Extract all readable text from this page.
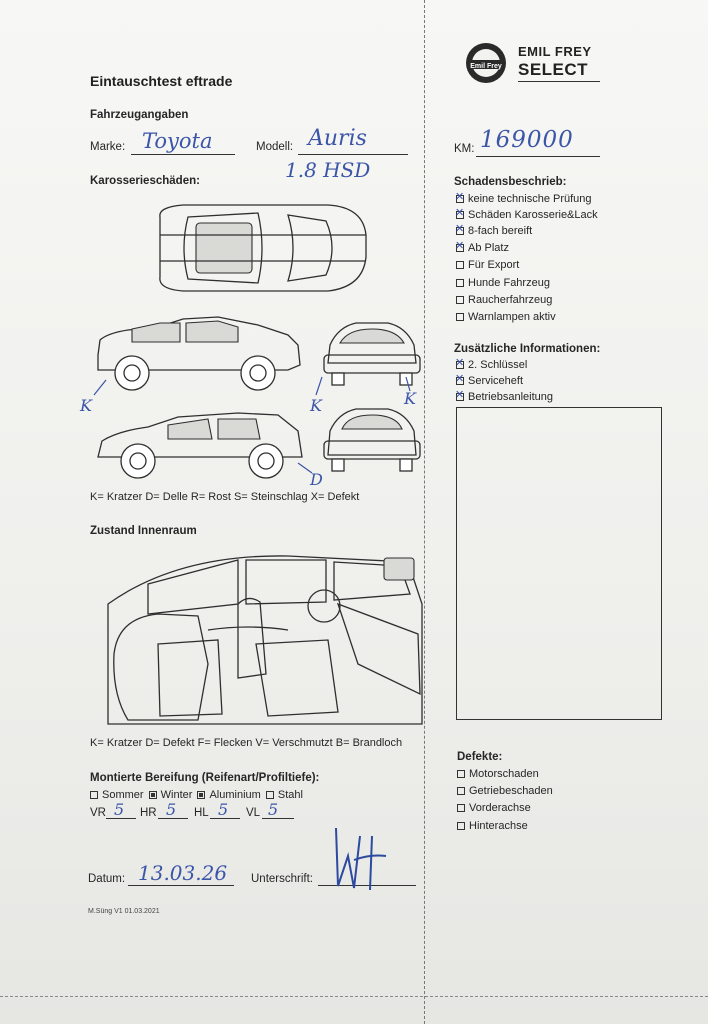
Emil Frey
EMIL FREY
SELECT
Eintauschtest eftrade
Fahrzeugangaben
Marke: Toyota	Modell: Auris
1.8 HSD
KM: 169000
Karosserieschäden:
K	K	K
D
K= Kratzer D= Delle R= Rost S= Steinschlag X= Defekt
Schadensbeschrieb:
✕keine technische Prüfung
✕Schäden Karosserie&Lack
✕8-fach bereift
✕Ab Platz
Für Export
Hunde Fahrzeug
Raucherfahrzeug
Warnlampen aktiv
Zusätzliche Informationen:
✕2. Schlüssel
✕Serviceheft
✕Betriebsanleitung
Zustand Innenraum
K= Kratzer D= Defekt F= Flecken V= Verschmutzt B= Brandloch
Montierte Bereifung (Reifenart/Profiltiefe):
Sommer Winter Aluminium Stahl
VR 5 HR 5 HL 5 VL 5
Defekte:
Motorschaden
Getriebeschaden
Vorderachse
Hinterachse
Datum: 13.03.26 Unterschrift:
M.Süng V1 01.03.2021
